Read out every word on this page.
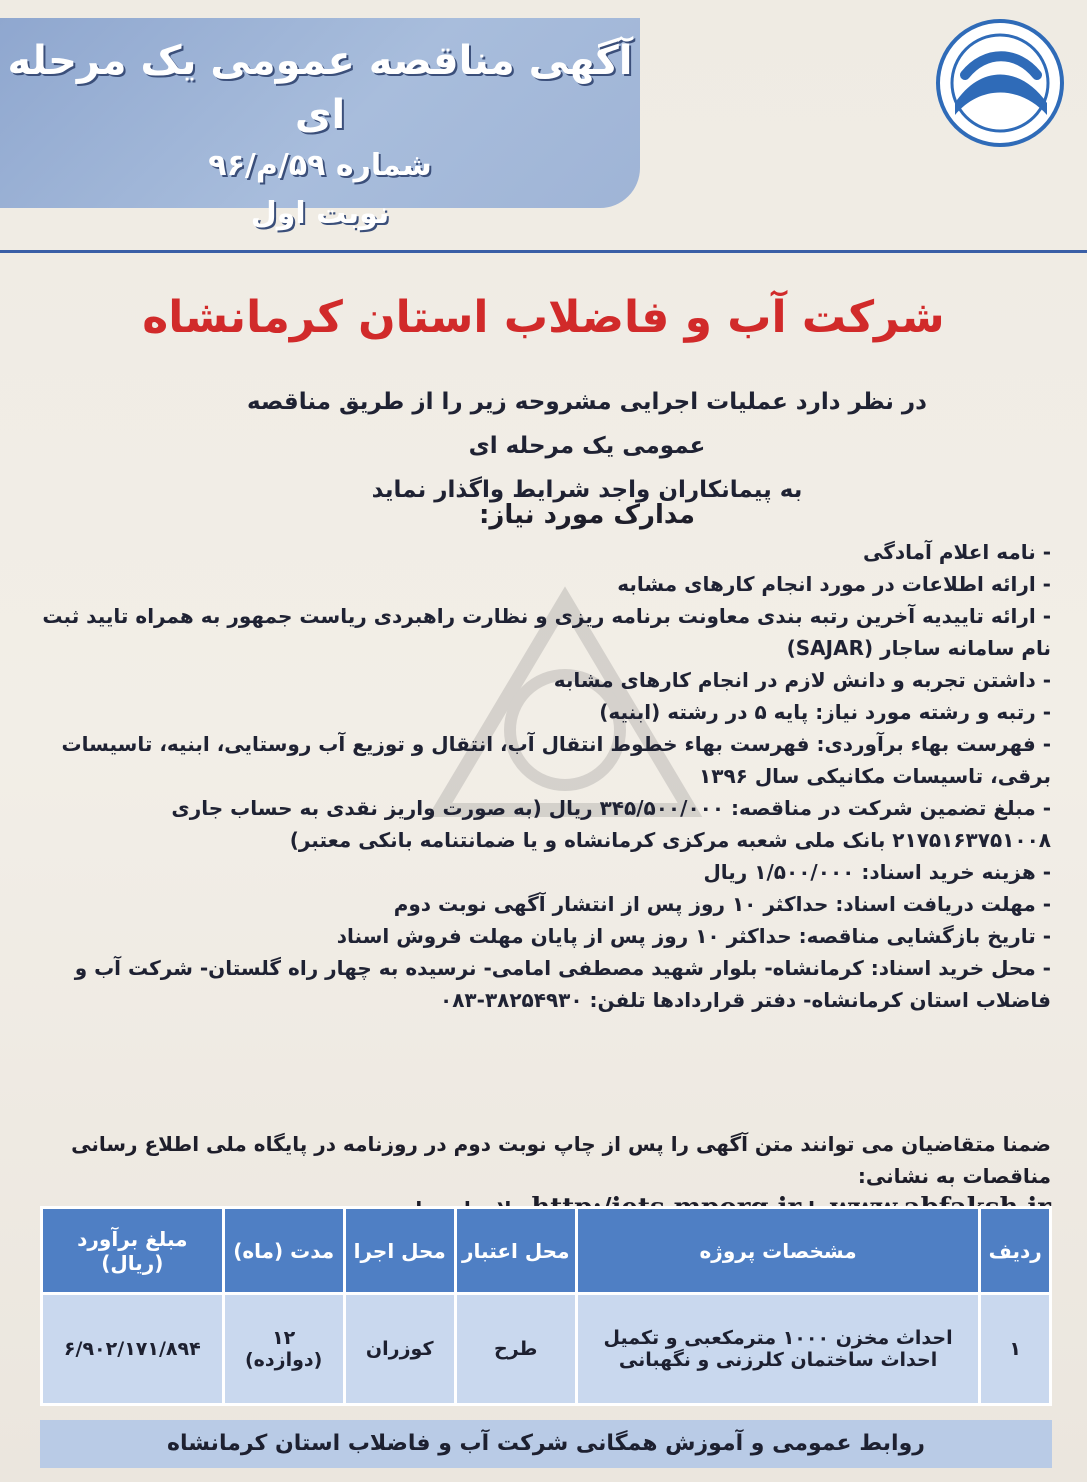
آگهی مناقصه عمومی یک مرحله ای
شماره ۵۹/م/۹۶
نوبت اول
شرکت آب و فاضلاب استان کرمانشاه
در نظر دارد عملیات اجرایی مشروحه زیر را از طریق مناقصه عمومی یک مرحله ای
به پیمانکاران واجد شرایط واگذار نماید
مدارک مورد نیاز:
- نامه اعلام آمادگی
- ارائه اطلاعات در مورد انجام کارهای مشابه
- ارائه تاییدیه آخرین رتبه بندی معاونت برنامه ریزی و نظارت راهبردی ریاست جمهور به همراه تایید ثبت نام سامانه ساجار (SAJAR)
- داشتن تجربه و دانش لازم در انجام کارهای مشابه
- رتبه و رشته مورد نیاز: پایه ۵ در رشته (ابنیه)
- فهرست بهاء برآوردی: فهرست بهاء خطوط انتقال آب، انتقال و توزیع آب روستایی، ابنیه، تاسیسات برقی، تاسیسات مکانیکی سال ۱۳۹۶
- مبلغ تضمین شرکت در مناقصه: ۳۴۵/۵۰۰/۰۰۰ ریال (به صورت واریز نقدی به حساب جاری ۲۱۷۵۱۶۳۷۵۱۰۰۸ بانک ملی شعبه مرکزی کرمانشاه و یا ضمانتنامه بانکی معتبر)
- هزینه خرید اسناد: ۱/۵۰۰/۰۰۰ ریال
- مهلت دریافت اسناد: حداکثر ۱۰ روز پس از انتشار آگهی نوبت دوم
- تاریخ بازگشایی مناقصه: حداکثر ۱۰ روز پس از پایان مهلت فروش اسناد
- محل خرید اسناد: کرمانشاه- بلوار شهید مصطفی امامی- نرسیده به چهار راه گلستان- شرکت آب و فاضلاب استان کرمانشاه- دفتر قراردادها تلفن: ۳۸۲۵۴۹۳۰-۰۸۳
ضمنا متقاضیان می توانند متن آگهی را پس از چاپ نوبت دوم در روزنامه در پایگاه ملی اطلاع رسانی مناقصات به نشانی:
ردیف	مشخصات پروژه	محل اعتبار	محل اجرا	مدت (ماه)	مبلغ برآورد (ریال)
۱	احداث مخزن ۱۰۰۰ مترمکعبی و تکمیل احداث ساختمان کلرزنی و نگهبانی	طرح	کوزران	۱۲ (دوازده)	۶/۹۰۲/۱۷۱/۸۹۴
روابط عمومی و آموزش همگانی شرکت آب و فاضلاب استان کرمانشاه
